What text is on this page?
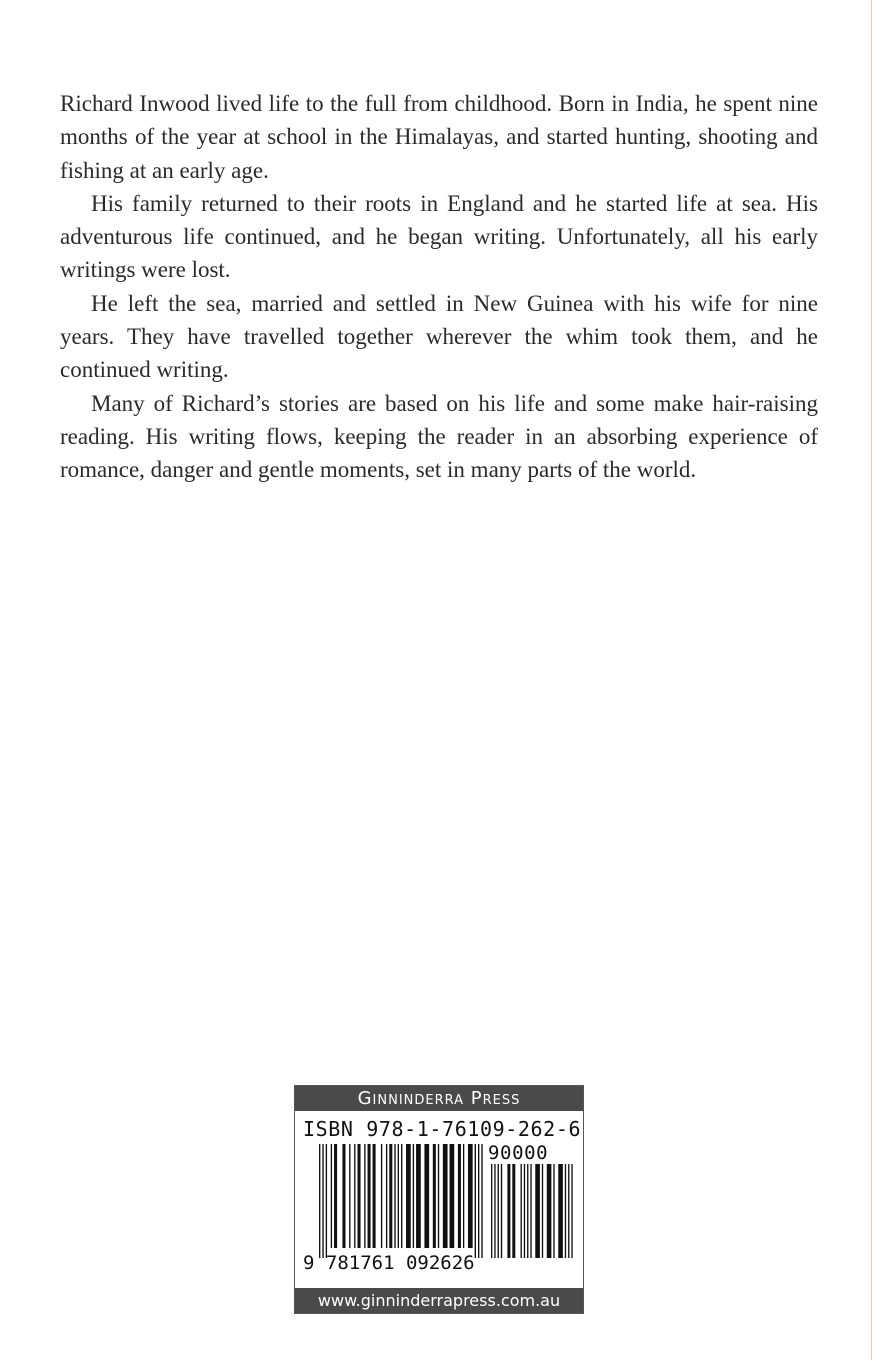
Richard Inwood lived life to the full from childhood. Born in India, he spent nine months of the year at school in the Himalayas, and started hunting, shooting and fishing at an early age.

His family returned to their roots in England and he started life at sea. His adventurous life continued, and he began writing. Unfortunately, all his early writings were lost.

He left the sea, married and settled in New Guinea with his wife for nine years. They have travelled together wherever the whim took them, and he continued writing.

Many of Richard’s stories are based on his life and some make hair-raising reading. His writing flows, keeping the reader in an absorbing experience of romance, danger and gentle moments, set in many parts of the world.

Ginninderra Press
ISBN 978-1-76109-262-6
90000
9 781761 092626
www.ginninderrapress.com.au
